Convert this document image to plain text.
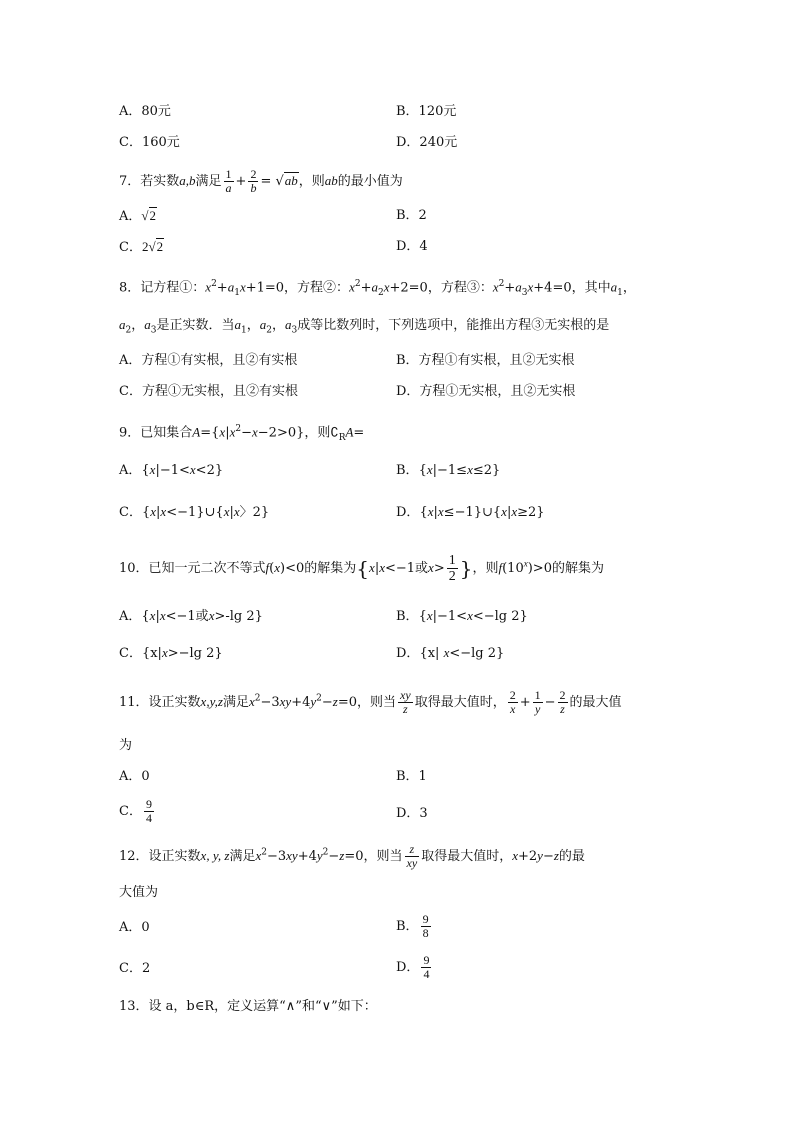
A．80元	B．120元
C．160元	D．240元
7．若实数a,b满足 $\frac{1}{a} + \frac{2}{b} = √ab$，则ab的最小值为
A．√2	B．2
C．2√2	D．4
8．记方程①：$x^2+a_1x+1=0$，方程②：$x^2+a_2x+2=0$，方程③：$x^2+a_3x+4=0$，其中$a_1$，
$a_2$，$a_3$是正实数．当$a_1$，$a_2$，$a_3$成等比数列时，下列选项中，能推出方程③无实根的是
A．方程①有实根，且②有实根	B．方程①有实根，且②无实根
C．方程①无实根，且②有实根	D．方程①无实根，且②无实根
9．已知集合$A=\{x|x^2-x-2>0\}$，则$∁_RA=$
A．{x|−1<x<2}	B．{x|−1≤x≤2}
C．{x|x<−1}∪{x|x〉2}	D．{x|x≤−1}∪{x|x≥2}
10．已知一元二次不等式f(x)<0的解集为{x|x<−1或$x> \frac{1}{2}$ }，则$f(10^x)>0$的解集为
A．{x|x<−1或x>-lg 2}	B．{x|−1<x<−lg 2}
C．{x|x>−lg 2}	D．{x| x<−lg 2}
11．设正实数x,y,z满足$x^2-3xy+4y^2-z=0$，则当 $\frac{xy}{z}$ 取得最大值时， $\frac{2}{x} + \frac{1}{y} - \frac{2}{z}$ 的最大值
为
A．0	B．1
C． $\frac{9}{4}$	D．3
12．设正实数x, y, z满足$x^2-3xy+4y^2-z=0$，则当 $\frac{z}{xy}$ 取得最大值时，x+2y−z的最
大值为
A．0	B． $\frac{9}{8}$
C．2	D． $\frac{9}{4}$
13．设 a，b∈R，定义运算“∧”和“∨”如下：
